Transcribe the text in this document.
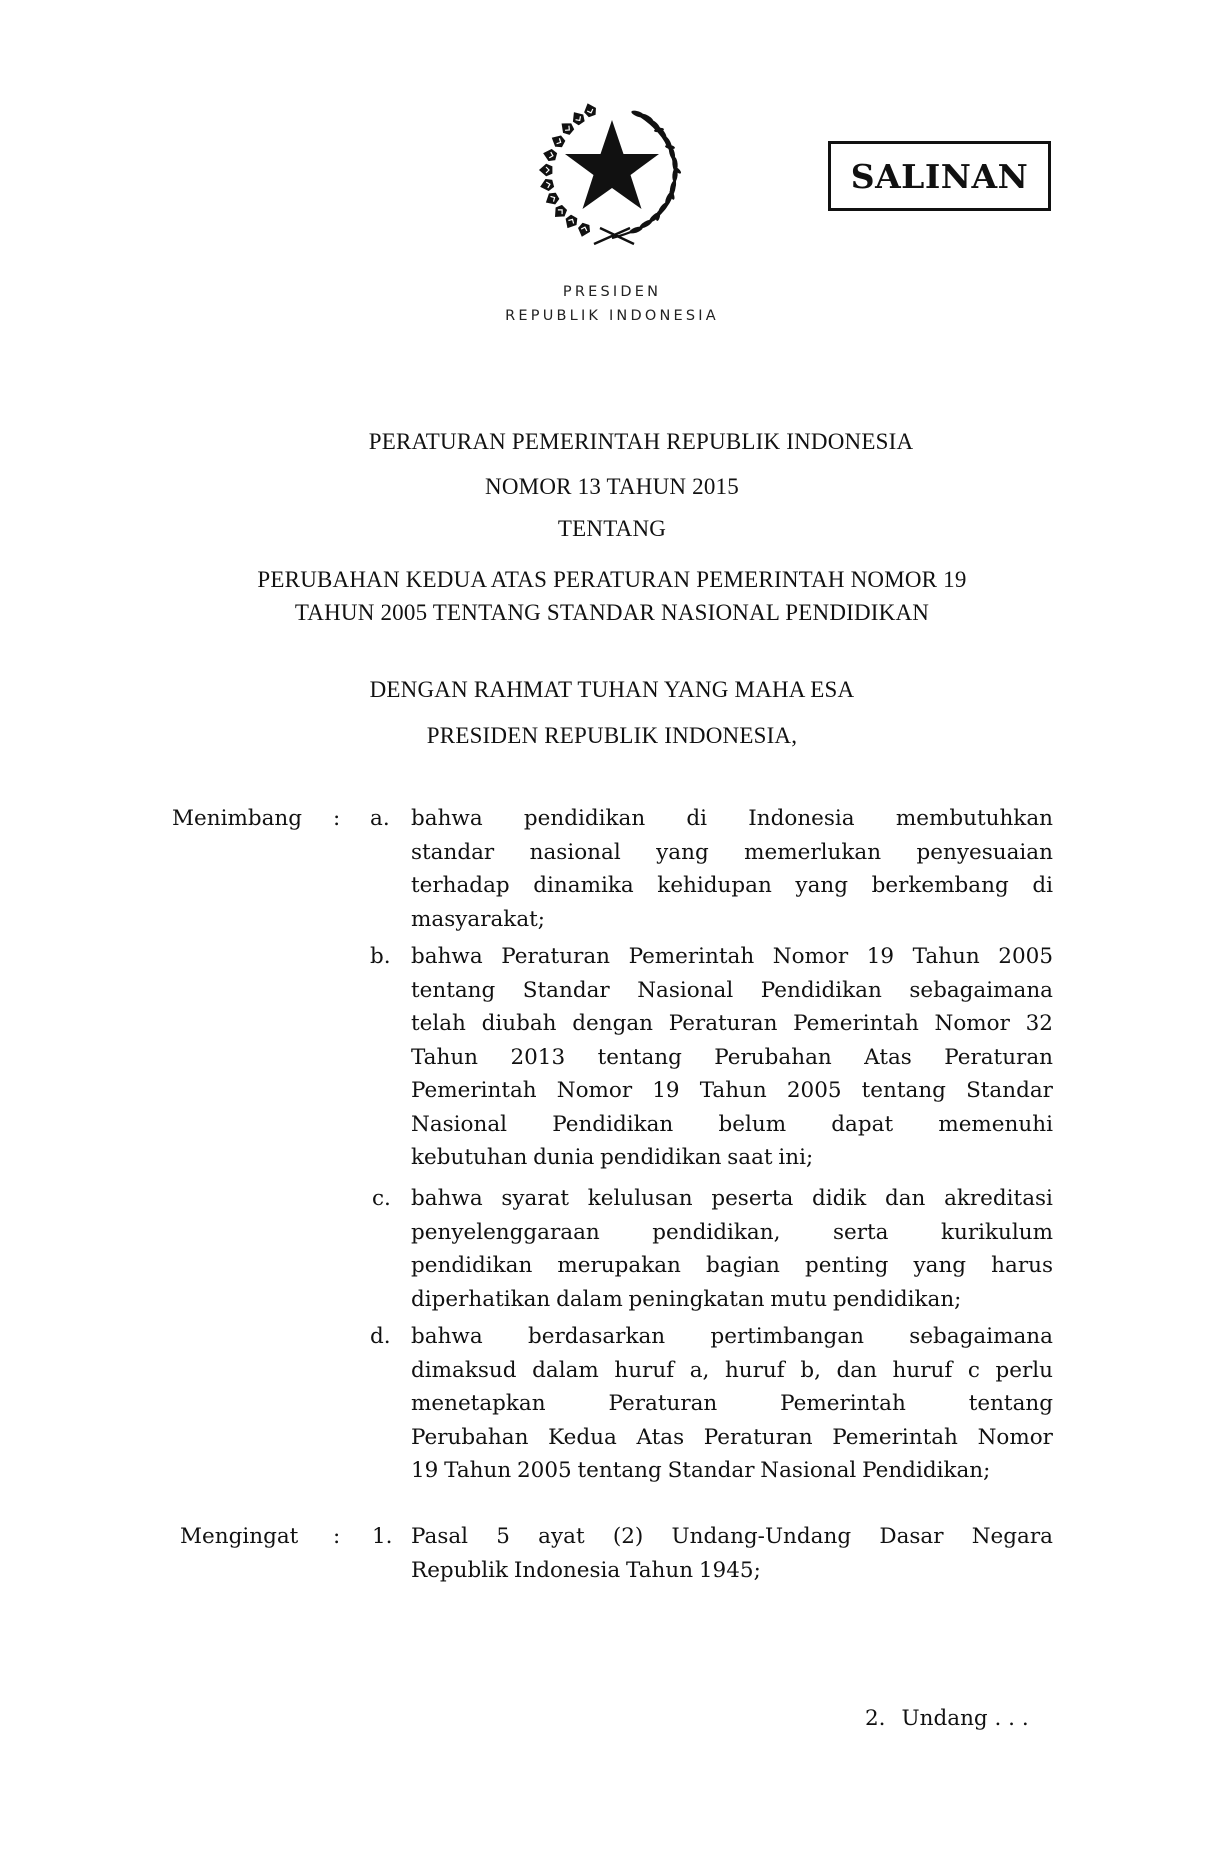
PRESIDEN
REPUBLIK INDONESIA
SALINAN
PERATURAN PEMERINTAH REPUBLIK INDONESIA
NOMOR 13 TAHUN 2015
TENTANG
PERUBAHAN KEDUA ATAS PERATURAN PEMERINTAH NOMOR 19
TAHUN 2005 TENTANG STANDAR NASIONAL PENDIDIKAN
DENGAN RAHMAT TUHAN YANG MAHA ESA
PRESIDEN REPUBLIK INDONESIA,
Menimbang : a. bahwa pendidikan di Indonesia membutuhkan
standar nasional yang memerlukan penyesuaian
terhadap dinamika kehidupan yang berkembang di
masyarakat;
b. bahwa Peraturan Pemerintah Nomor 19 Tahun 2005
tentang Standar Nasional Pendidikan sebagaimana
telah diubah dengan Peraturan Pemerintah Nomor 32
Tahun 2013 tentang Perubahan Atas Peraturan
Pemerintah Nomor 19 Tahun 2005 tentang Standar
Nasional Pendidikan belum dapat memenuhi
kebutuhan dunia pendidikan saat ini;
c. bahwa syarat kelulusan peserta didik dan akreditasi
penyelenggaraan pendidikan, serta kurikulum
pendidikan merupakan bagian penting yang harus
diperhatikan dalam peningkatan mutu pendidikan;
d. bahwa berdasarkan pertimbangan sebagaimana
dimaksud dalam huruf a, huruf b, dan huruf c perlu
menetapkan	Peraturan	Pemerintah	tentang
Perubahan Kedua Atas Peraturan Pemerintah Nomor
19 Tahun 2005 tentang Standar Nasional Pendidikan;
Mengingat : 1. Pasal 5 ayat (2) Undang-Undang Dasar Negara
Republik Indonesia Tahun 1945;
2. Undang . . .
